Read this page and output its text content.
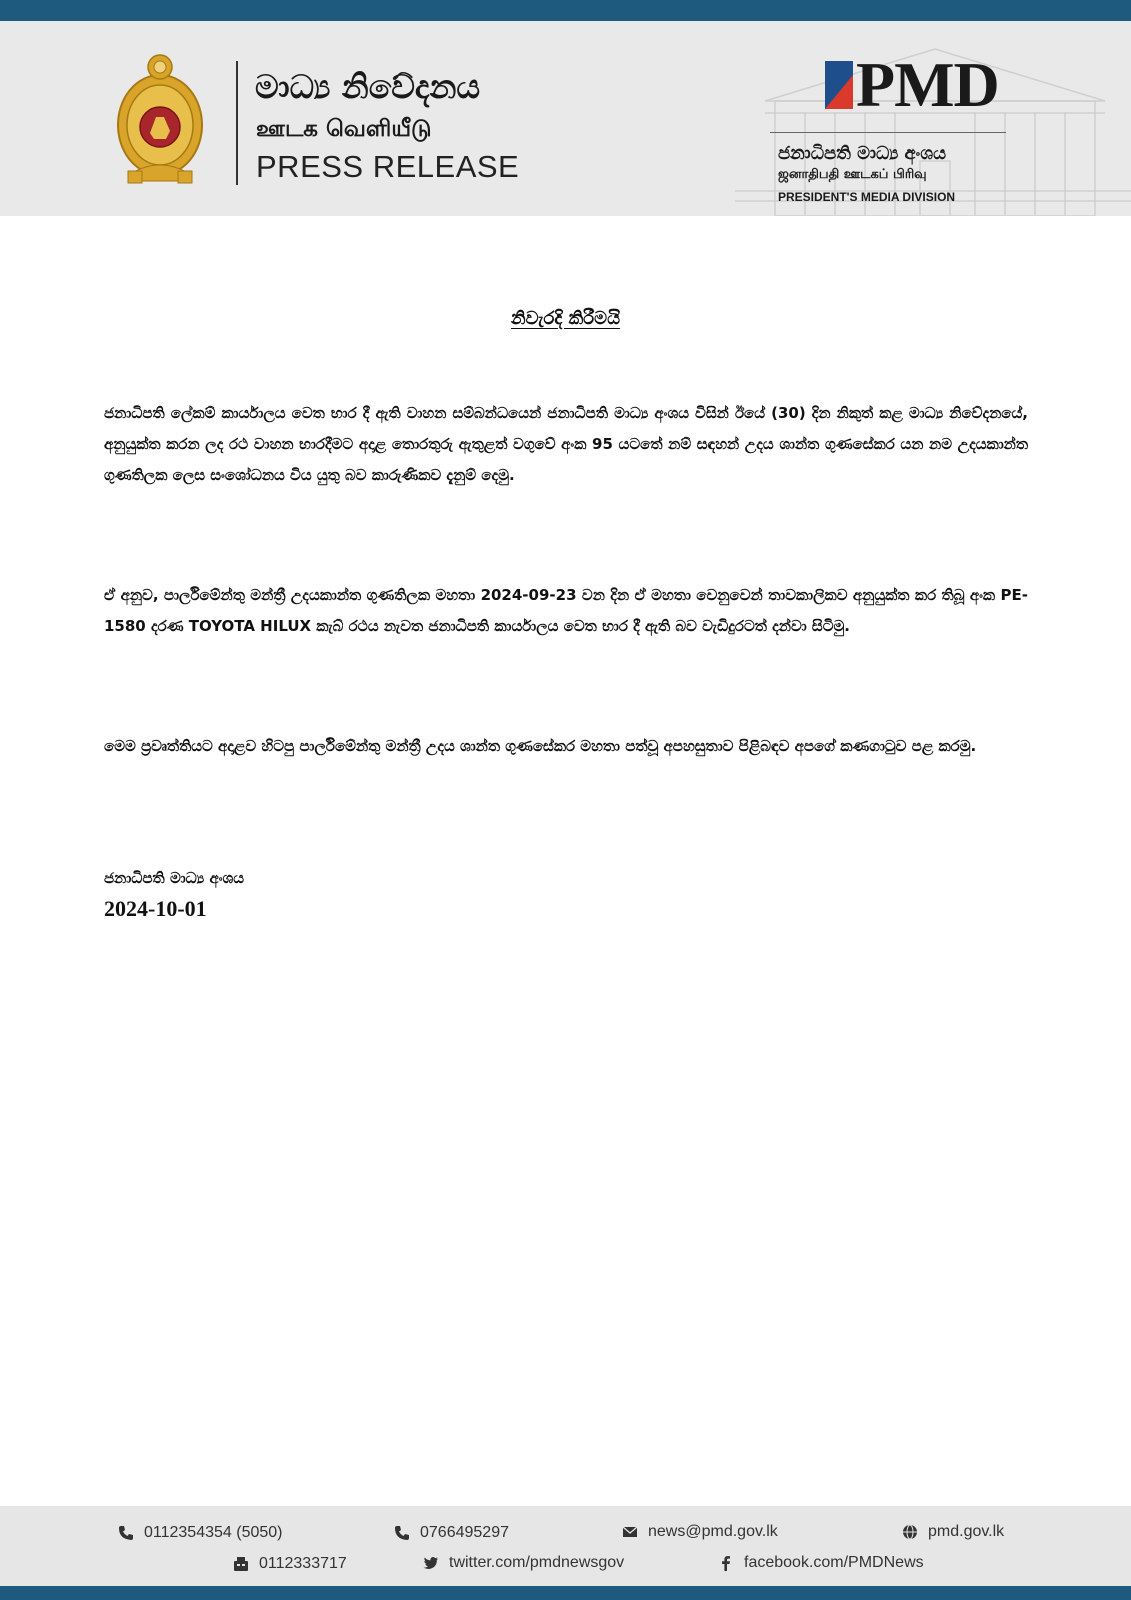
මාධ්‍ය නිවේදනය
ஊடக வெளியீடு
PRESS RELEASE
PMD
ජනාධිපති මාධ්‍ය අංශය
ஜனாதிபதி ஊடகப் பிரிவு
PRESIDENT'S MEDIA DIVISION
නිවැරදි කිරීමයි

ජනාධිපති ලේකම් කාර්යාලය වෙත භාර දී ඇති වාහන සම්බන්ධයෙන් ජනාධිපති මාධ්‍ය අංශය විසින් ඊයේ (30) දින නිකුත් කළ මාධ්‍ය නිවේදනයේ, අනුයුක්ත කරන ලද රථ වාහන භාරදීමට අදාළ තොරතුරු ඇතුළත් වගුවේ අංක 95 යටතේ නම් සඳහන් උදය ශාන්ත ගුණසේකර යන නම උදයකාන්ත ගුණතිලක ලෙස සංශෝධනය විය යුතු බව කාරුණිකව දැනුම් දෙමු.

ඒ අනුව, පාර්ලිමේන්තු මන්ත්‍රී උදයකාන්ත ගුණතිලක මහතා 2024-09-23 වන දින ඒ මහතා වෙනුවෙන් තාවකාලිකව අනුයුක්ත කර තිබූ අංක PE-1580 දරණ TOYOTA HILUX කැබ් රථය නැවත ජනාධිපති කාර්යාලය වෙත භාර දී ඇති බව වැඩිදුරටත් දන්වා සිටිමු.

මෙම ප්‍රවෘත්තියට අදාළව හිටපු පාර්ලිමේන්තු මන්ත්‍රී උදය ශාන්ත ගුණසේකර මහතා පත්වූ අපහසුතාව පිළිබඳව අපගේ කණගාටුව පළ කරමු.

ජනාධිපති මාධ්‍ය අංශය
2024-10-01
0112354354 (5050)	0766495297	news@pmd.gov.lk	pmd.gov.lk
0112333717	twitter.com/pmdnewsgov	facebook.com/PMDNews
